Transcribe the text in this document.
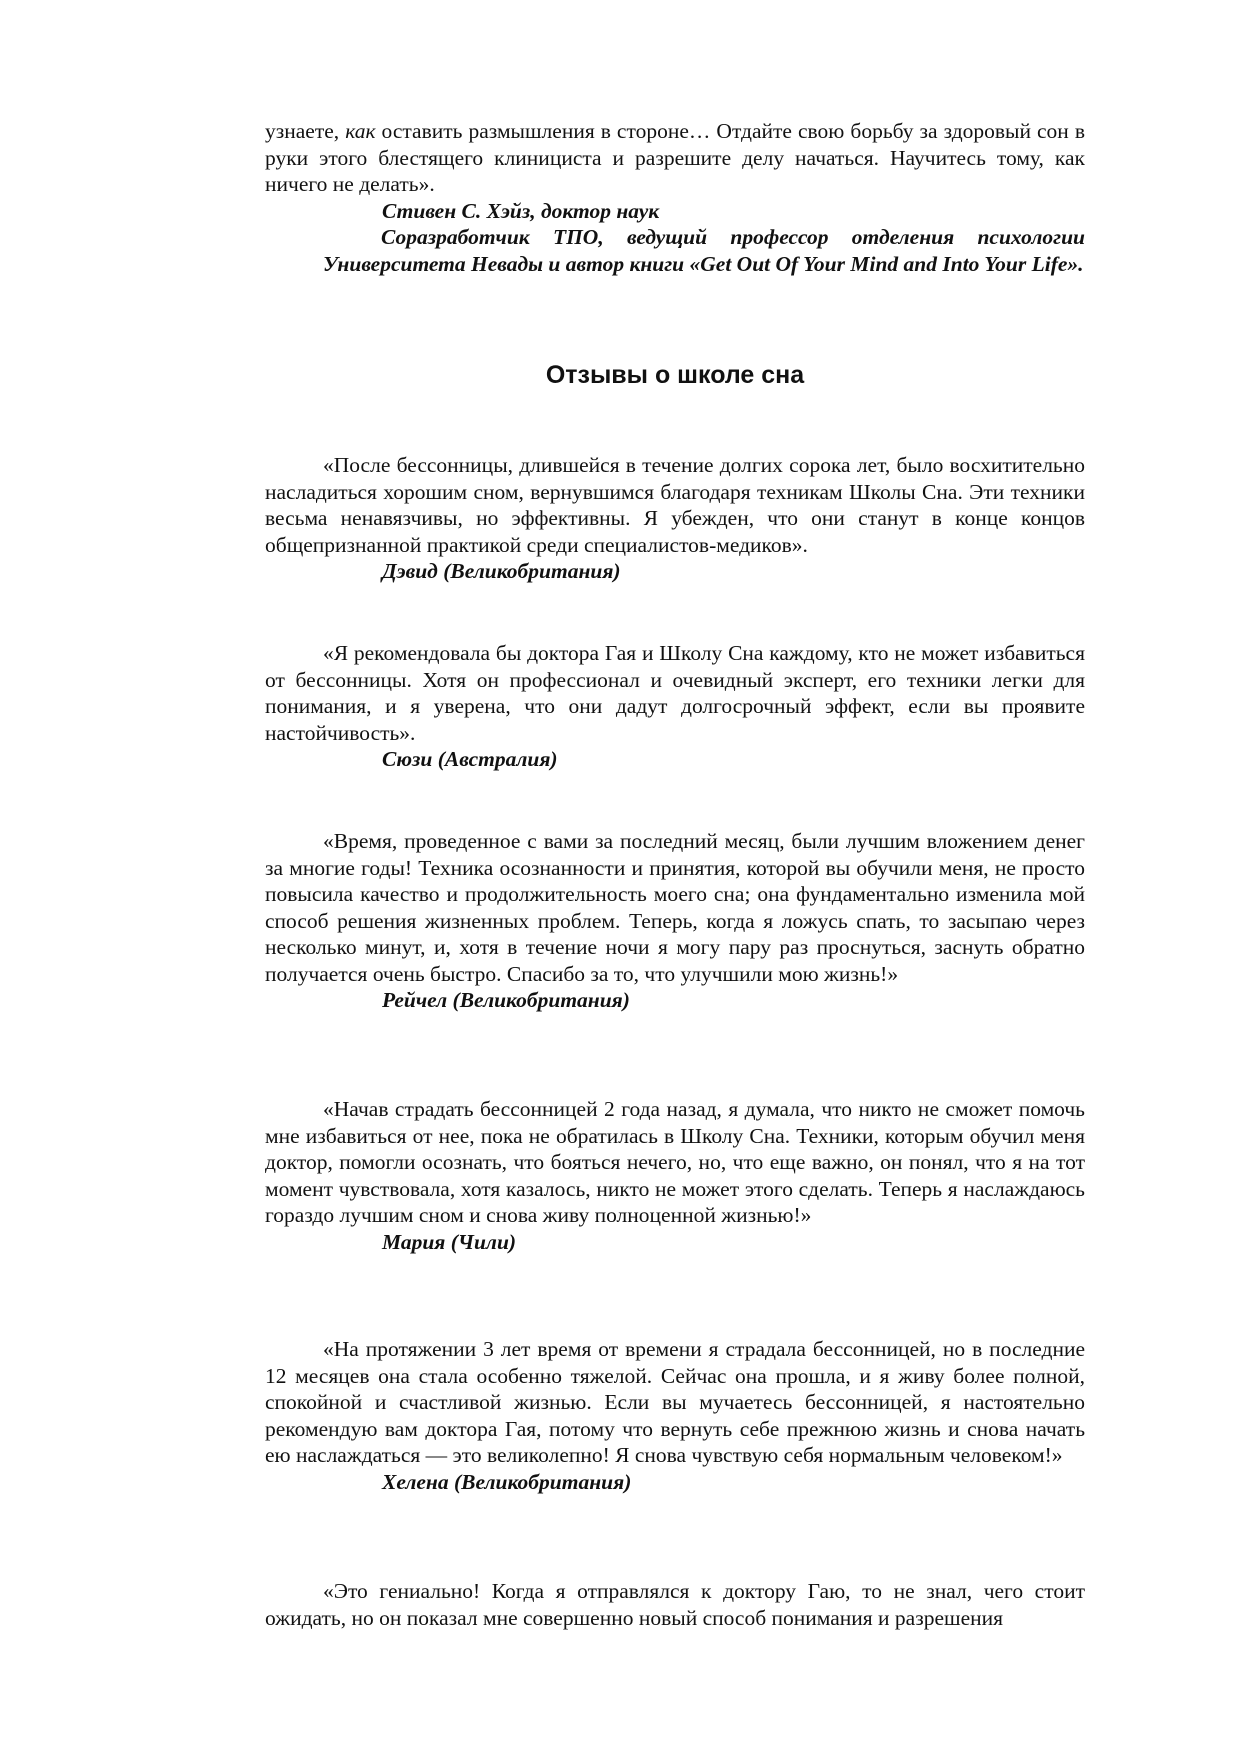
узнаете, как оставить размышления в стороне… Отдайте свою борьбу за здоровый сон в руки этого блестящего клинициста и разрешите делу начаться. Научитесь тому, как ничего не делать».

Стивен С. Хэйз, доктор наук
Соразработчик ТПО, ведущий профессор отделения психологии Университета Невады и автор книги «Get Out Of Your Mind and Into Your Life».
Отзывы о школе сна

«После бессонницы, длившейся в течение долгих сорока лет, было восхитительно насладиться хорошим сном, вернувшимся благодаря техникам Школы Сна. Эти техники весьма ненавязчивы, но эффективны. Я убежден, что они станут в конце концов общепризнанной практикой среди специалистов-медиков».

Дэвид (Великобритания)

«Я рекомендовала бы доктора Гая и Школу Сна каждому, кто не может избавиться от бессонницы. Хотя он профессионал и очевидный эксперт, его техники легки для понимания, и я уверена, что они дадут долгосрочный эффект, если вы проявите настойчивость».

Сюзи (Австралия)

«Время, проведенное с вами за последний месяц, были лучшим вложением денег за многие годы! Техника осознанности и принятия, которой вы обучили меня, не просто повысила качество и продолжительность моего сна; она фундаментально изменила мой способ решения жизненных проблем. Теперь, когда я ложусь спать, то засыпаю через несколько минут, и, хотя в течение ночи я могу пару раз проснуться, заснуть обратно получается очень быстро. Спасибо за то, что улучшили мою жизнь!»

Рейчел (Великобритания)

«Начав страдать бессонницей 2 года назад, я думала, что никто не сможет помочь мне избавиться от нее, пока не обратилась в Школу Сна. Техники, которым обучил меня доктор, помогли осознать, что бояться нечего, но, что еще важно, он понял, что я на тот момент чувствовала, хотя казалось, никто не может этого сделать. Теперь я наслаждаюсь гораздо лучшим сном и снова живу полноценной жизнью!»

Мария (Чили)

«На протяжении 3 лет время от времени я страдала бессонницей, но в последние 12 месяцев она стала особенно тяжелой. Сейчас она прошла, и я живу более полной, спокойной и счастливой жизнью. Если вы мучаетесь бессонницей, я настоятельно рекомендую вам доктора Гая, потому что вернуть себе прежнюю жизнь и снова начать ею наслаждаться — это великолепно! Я снова чувствую себя нормальным человеком!»

Хелена (Великобритания)

«Это гениально! Когда я отправлялся к доктору Гаю, то не знал, чего стоит ожидать, но он показал мне совершенно новый способ понимания и разрешения
